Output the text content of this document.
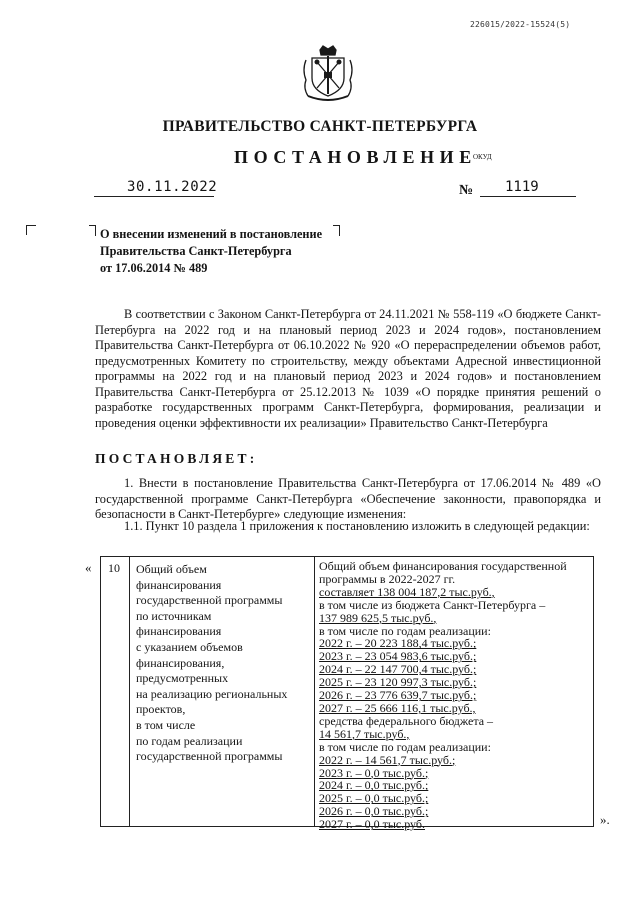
226015/2022-15524(5)
ПРАВИТЕЛЬСТВО САНКТ-ПЕТЕРБУРГА
ПОСТАНОВЛЕНИЕ
ОКУД
30.11.2022	№ 1119
О внесении изменений в постановление
Правительства Санкт-Петербурга
от 17.06.2014 № 489
В соответствии с Законом Санкт-Петербурга от 24.11.2021 № 558-119 «О бюджете Санкт-Петербурга на 2022 год и на плановый период 2023 и 2024 годов», постановлением Правительства Санкт-Петербурга от 06.10.2022 № 920 «О перераспределении объемов работ, предусмотренных Комитету по строительству, между объектами Адресной инвестиционной программы на 2022 год и на плановый период 2023 и 2024 годов» и постановлением Правительства Санкт-Петербурга от 25.12.2013 № 1039 «О порядке принятия решений о разработке государственных программ Санкт-Петербурга, формирования, реализации и проведения оценки эффективности их реализации» Правительство Санкт-Петербурга
ПОСТАНОВЛЯЕТ:
1. Внести в постановление Правительства Санкт-Петербурга от 17.06.2014 № 489 «О государственной программе Санкт-Петербурга «Обеспечение законности, правопорядка и безопасности в Санкт-Петербурге» следующие изменения:
1.1. Пункт 10 раздела 1 приложения к постановлению изложить в следующей редакции:
« 10 Общий объем
финансирования
государственной программы
по источникам
финансирования
с указанием объемов
финансирования,
предусмотренных
на реализацию региональных
проектов,
в том числе
по годам реализации
государственной программы
Общий объем финансирования государственной
программы в 2022-2027 гг.
составляет 138 004 187,2 тыс.руб.,
в том числе из бюджета Санкт-Петербурга –
137 989 625,5 тыс.руб.,
в том числе по годам реализации:
2022 г. – 20 223 188,4 тыс.руб.;
2023 г. – 23 054 983,6 тыс.руб.;
2024 г. – 22 147 700,4 тыс.руб.;
2025 г. – 23 120 997,3 тыс.руб.;
2026 г. – 23 776 639,7 тыс.руб.;
2027 г. – 25 666 116,1 тыс.руб.,
средства федерального бюджета –
14 561,7 тыс.руб.,
в том числе по годам реализации:
2022 г. – 14 561,7 тыс.руб.;
2023 г. – 0,0 тыс.руб.;
2024 г. – 0,0 тыс.руб.;
2025 г. – 0,0 тыс.руб.;
2026 г. – 0,0 тыс.руб.;
2027 г. – 0,0 тыс.руб.	».
